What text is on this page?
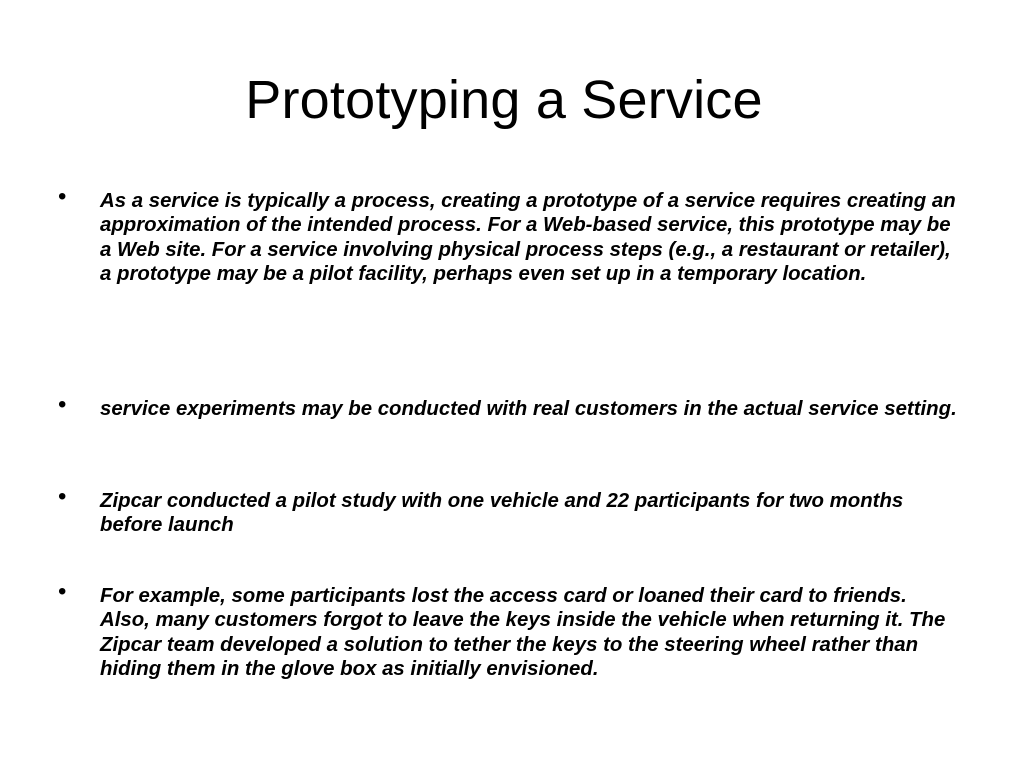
Prototyping a Service
• As a service is typically a process, creating a prototype of a service requires creating an approximation of the intended process. For a Web-based service, this prototype may be a Web site. For a service involving physical process steps (e.g., a restaurant or retailer), a prototype may be a pilot facility, perhaps even set up in a temporary location.
• service experiments may be conducted with real customers in the actual service setting.
• Zipcar conducted a pilot study with one vehicle and 22 participants for two months before launch
• For example, some participants lost the access card or loaned their card to friends. Also, many customers forgot to leave the keys inside the vehicle when returning it. The Zipcar team developed a solution to tether the keys to the steering wheel rather than hiding them in the glove box as initially envisioned.
